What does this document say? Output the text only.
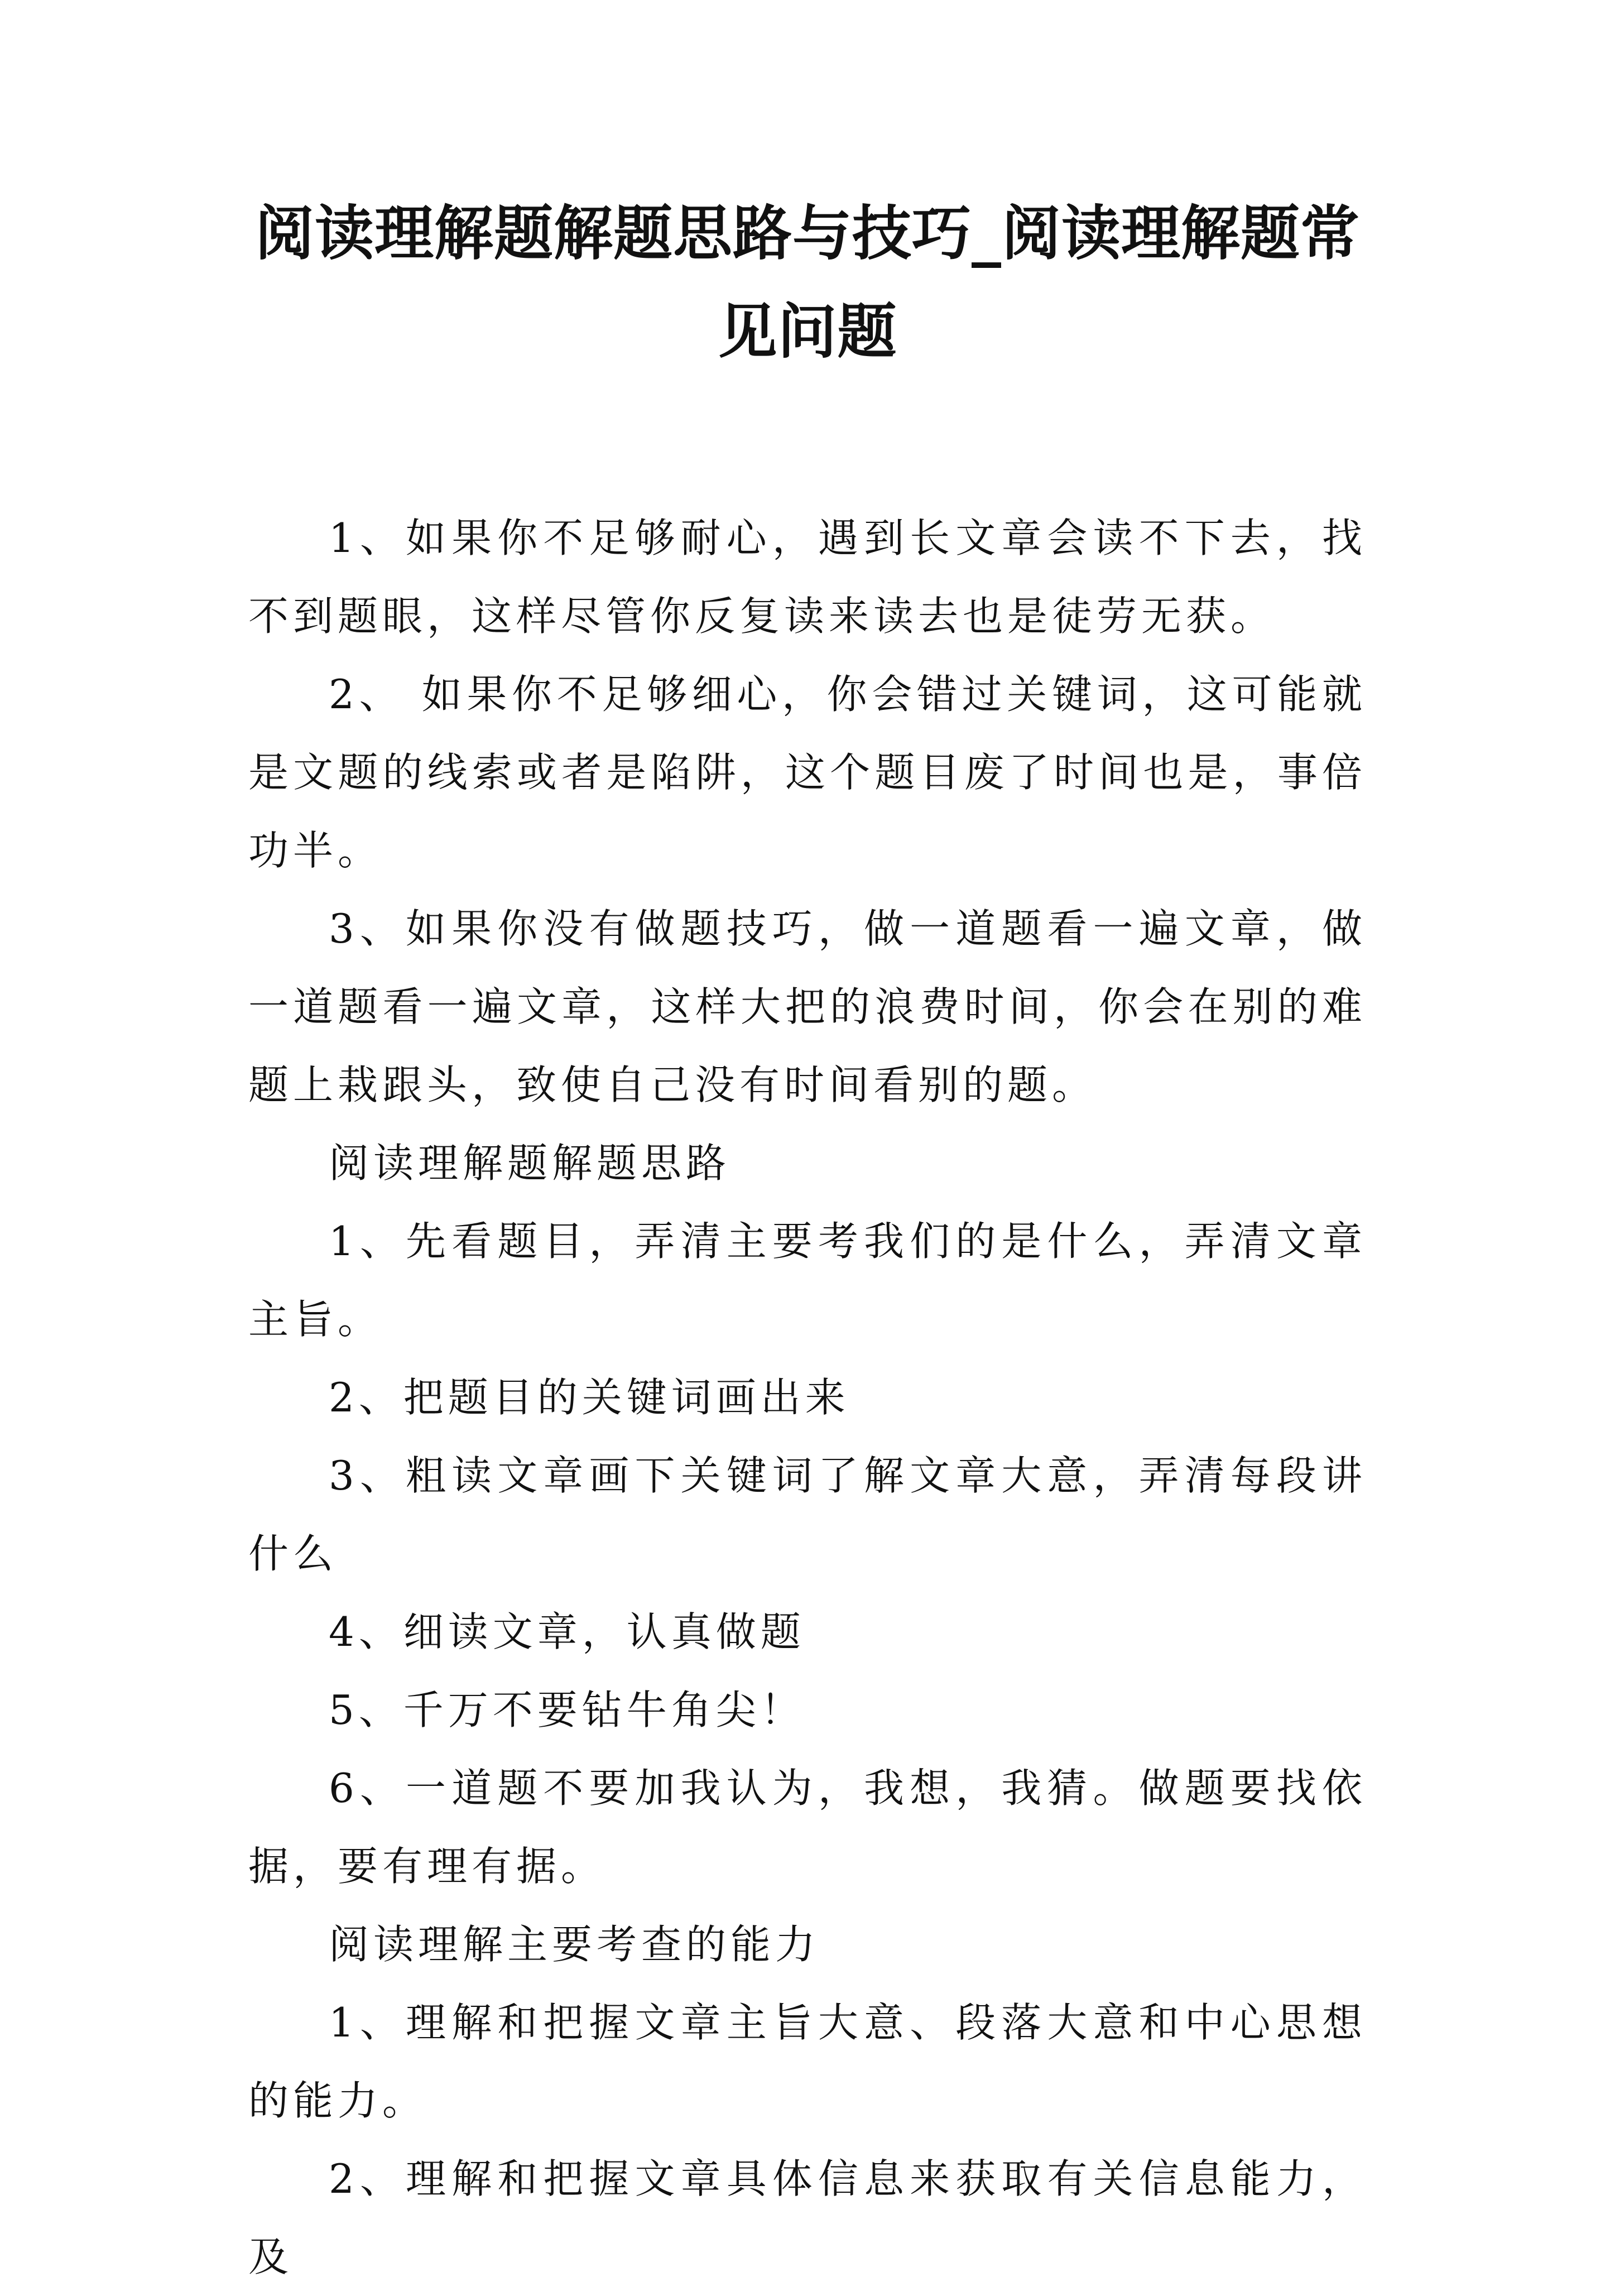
阅读理解题解题思路与技巧_阅读理解题常见问题

1、如果你不足够耐心，遇到长文章会读不下去，找不到题眼，这样尽管你反复读来读去也是徒劳无获。

2、 如果你不足够细心，你会错过关键词，这可能就是文题的线索或者是陷阱，这个题目废了时间也是，事倍功半。

3、如果你没有做题技巧，做一道题看一遍文章，做一道题看一遍文章，这样大把的浪费时间，你会在别的难题上栽跟头，致使自己没有时间看别的题。

阅读理解题解题思路

1、先看题目，弄清主要考我们的是什么，弄清文章主旨。

2、把题目的关键词画出来

3、粗读文章画下关键词了解文章大意，弄清每段讲什么

4、细读文章，认真做题

5、千万不要钻牛角尖！

6、一道题不要加我认为，我想，我猜。做题要找依据，要有理有据。

阅读理解主要考查的能力

1、理解和把握文章主旨大意、段落大意和中心思想的能力。

2、理解和把握文章具体信息来获取有关信息能力，及
